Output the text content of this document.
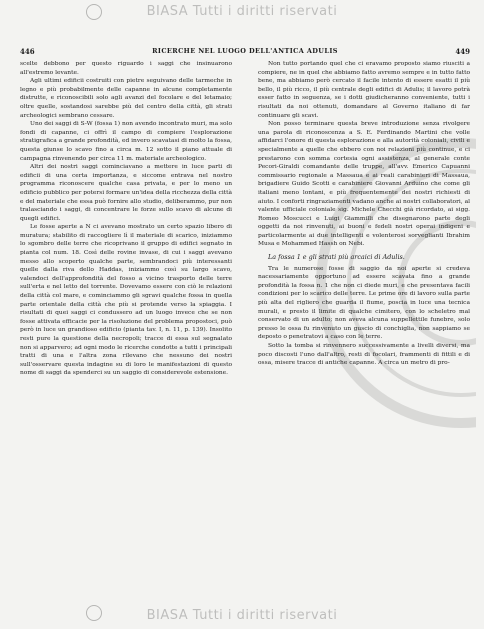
BIASA Tutti i diritti riservati
446	RICERCHE NEL LUOGO DELL'ANTICA ADULIS	449

scelte debbono per questo riguardo i saggi che insinuarono all'estremo levante.

Agli ultimi edificii costruiti con pietre seguivano delle tarmeche in legno e più probabilmente delle capanne in alcune completamente distrutte, e riconoscibili solo agli avanzi del focolare e del letamaio; oltre quelle, sostandosi sarebbe più del centro della città, gli strati archeologici sembrano cessare.

Uno dei saggi di S-W (fossa 1) non avendo incontrato muri, ma solo fondi di capanne, ci offrì il campo di compiere l'esplorazione stratigrafica a grande profondità, ed invero scavatasi di molto la fossa, questa giunse lo scavo fino a circa m. 12 sotto il piano attuale di campagna rinvenendo per circa 11 m. materiale archeologico.

Altri dei nostri saggi cominciavano a mettere in luce parti di edificii di una certa importanza, e siccome entrava nel nostro programma riconoscere qualche casa privata, e per lo meno un edificio pubblico per potersi formare un'idea della ricchezza della città e del materiale che essa può fornire allo studio, deliberammo, pur non tralasciando i saggi, di concentrare le forze sullo scavo di alcune di quegli edifici.

Le fosse aperte a N ci avevano mostrato un certo spazio libero di muratura; stabilito di raccogliere lì il materiale di scarico, iniziammo lo sgombro delle terre che ricoprivano il gruppo di edifici segnato in pianta col num. 18. Così delle rovine invase, di cui i saggi avevano messo allo scoperto qualche parte, sembrandoci più interessanti quelle dalla riva dello Haddas, iniziammo così su largo scavo, valendoci dell'approfondità del fosso a vicino trasporto delle terre sull'erta e nel letto del torrente. Dovevamo essere con ciò le relazioni della città col mare, e cominciammo gli sgravi qualche fossa in quella parte orientale della città che più si protende verso la spiaggia. I risultati di quei saggi ci condussero ad un luogo invece che se non fosse attivata efficacie per la risoluzione del problema propostoci, può però in luce un grandioso edificio (pianta tav. I, n. 11, p. 139). Insolito resti pure la questione della necropoli; tracce di essa sul segnalato non si apparvero; ad ogni modo le ricerche condotte a tutti i principali tratti di una e l'altra zona rilevano che nessuno dei nostri sull'osservare questa indagine su di loro le manifestazioni di questo nome di saggi da spenderci su un saggio di considerevole estensione.

Non tutto portando quel che ci eravamo proposto siamo riusciti a compiere, ne in quel che abbiamo fatto avremo sempre e in tutto fatto bene, ma abbiamo però cercato il facile intento di essere esatti il più bello, il più ricco, il più centrale degli edifici di Adulis; il lavoro potrà esser fatto in seguenza, se i dotti giudicheranno conveniente, tutti i risultati da noi ottenuti, domandare al Governo italiano di far continuare gli scavi.

Non posso terminare questa breve introduzione senza rivolgere una parola di riconoscenza a S. E. Ferdinando Martini che volle affidarci l'onore di questa esplorazione e alla autorità coloniali, civili e specialmente a quelle che ebbero con noi relazioni più continue, e ci prestarono con somma cortesia ogni assistenza, al generale conte Pecori-Giraldi comandante delle truppe, all'avv. Emerico Capuanni commissario regionale a Massaua e ai reali carabinieri di Massaua, brigadiere Guido Scotti e carabiniere Giovanni Arduino che come gli italiani meno lontani, e più frequentemente dei nostri richiesti di aiuto. I conforti ringraziamenti vadano anche ai nostri collaboratori, al valente ufficiale coloniale sig. Michele Checchi già ricordato, ai sigg. Romeo Moscucci e Luigi Giammilli che disegnarono parte degli oggetti da noi rinvenuti, ai buoni e fedeli nostri operai indigeni e particolarmente ai due intelligenti e volenterosi sorveglianti Ibrahim Musa e Mohammed Hassh on Nebi.

La fossa 1 e gli strati più arcaici di Adulis.

Tra le numerose fosse di saggio da noi aperte si credeva nacessariamente opportuno ad essere scavata fino a grande profondità la fossa n. 1 che non ci diede muri, e che presentava facili condizioni per lo scarico delle terre. Le prime ore di lavoro sulla parte più alta del rigliero che guarda il fiume, poscia in luce una tecnica murali, e presto il limite di qualche cimitero, con lo scheletro mal conservato di un adulto; non aveva alcuna suppellettile funebre, solo presso le ossa fu rinvenuto un guscio di conchiglia, non sappiamo se deposto o penetratovi a caso con le terre.

Sotto la tomba si rinvennero successivamente a livelli diversi, ma poco discosti l'uno dall'altro, resti di focolari, frammenti di fittili e di ossa, misere tracce di antiche capanne. A circa un metro di pro-

BIASA Tutti i diritti riservati
